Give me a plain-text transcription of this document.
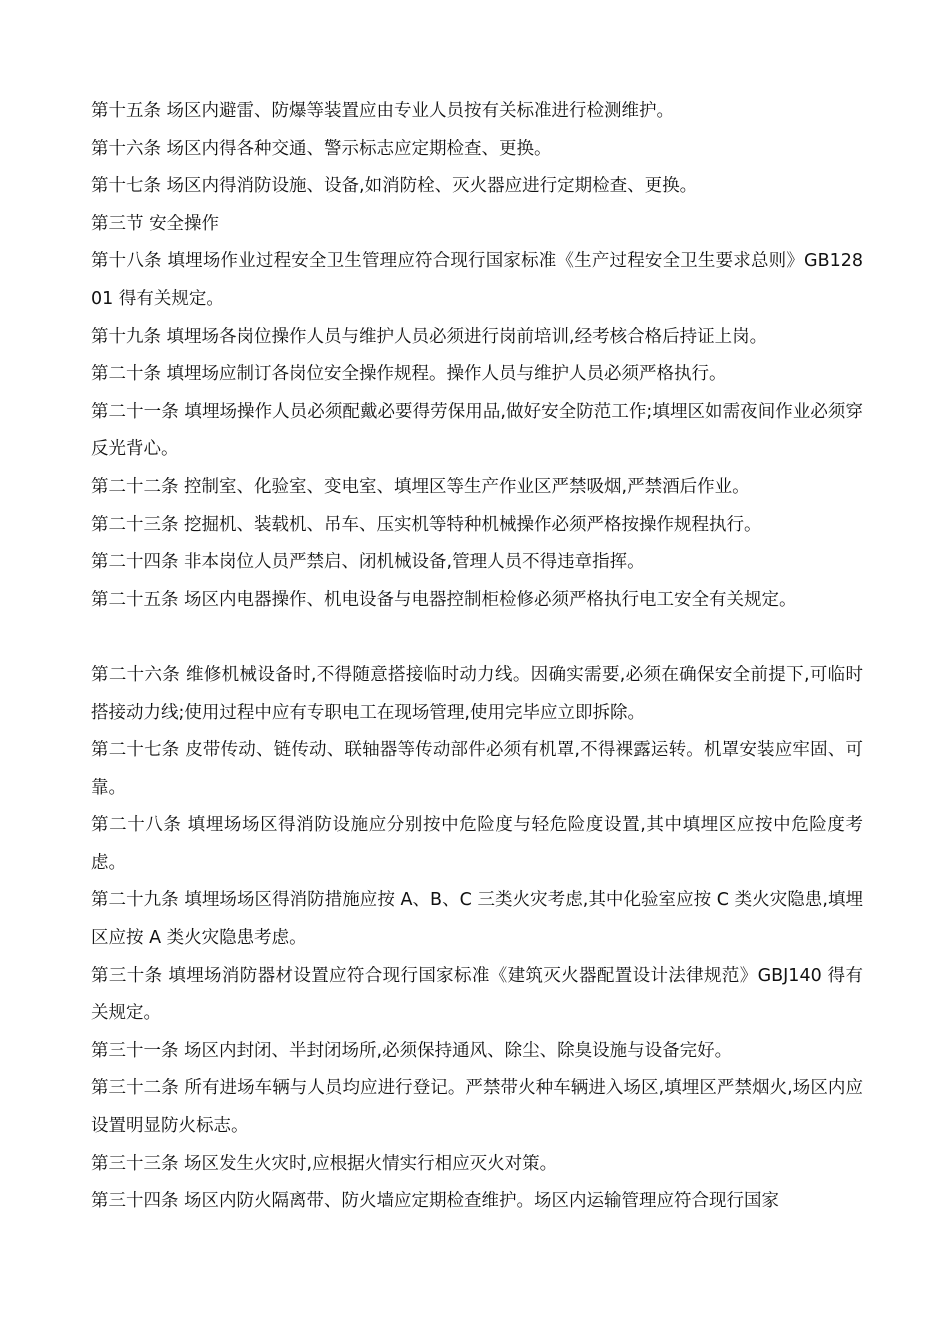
第十五条 场区内避雷、防爆等装置应由专业人员按有关标准进行检测维护。

第十六条 场区内得各种交通、警示标志应定期检查、更换。

第十七条 场区内得消防设施、设备,如消防栓、灭火器应进行定期检查、更换。

第三节 安全操作

第十八条 填埋场作业过程安全卫生管理应符合现行国家标准《生产过程安全卫生要求总则》GB12801 得有关规定。

第十九条 填埋场各岗位操作人员与维护人员必须进行岗前培训,经考核合格后持证上岗。

第二十条 填埋场应制订各岗位安全操作规程。操作人员与维护人员必须严格执行。

第二十一条 填埋场操作人员必须配戴必要得劳保用品,做好安全防范工作;填埋区如需夜间作业必须穿反光背心。

第二十二条 控制室、化验室、变电室、填埋区等生产作业区严禁吸烟,严禁酒后作业。

第二十三条 挖掘机、装载机、吊车、压实机等特种机械操作必须严格按操作规程执行。

第二十四条 非本岗位人员严禁启、闭机械设备,管理人员不得违章指挥。

第二十五条 场区内电器操作、机电设备与电器控制柜检修必须严格执行电工安全有关规定。

第二十六条 维修机械设备时,不得随意搭接临时动力线。因确实需要,必须在确保安全前提下,可临时搭接动力线;使用过程中应有专职电工在现场管理,使用完毕应立即拆除。

第二十七条 皮带传动、链传动、联轴器等传动部件必须有机罩,不得裸露运转。机罩安装应牢固、可靠。

第二十八条 填埋场场区得消防设施应分别按中危险度与轻危险度设置,其中填埋区应按中危险度考虑。

第二十九条 填埋场场区得消防措施应按 A、B、C 三类火灾考虑,其中化验室应按 C 类火灾隐患,填埋区应按 A 类火灾隐患考虑。

第三十条 填埋场消防器材设置应符合现行国家标准《建筑灭火器配置设计法律规范》GBJ140 得有关规定。

第三十一条 场区内封闭、半封闭场所,必须保持通风、除尘、除臭设施与设备完好。

第三十二条 所有进场车辆与人员均应进行登记。严禁带火种车辆进入场区,填埋区严禁烟火,场区内应设置明显防火标志。

第三十三条 场区发生火灾时,应根据火情实行相应灭火对策。

第三十四条 场区内防火隔离带、防火墙应定期检查维护。场区内运输管理应符合现行国家
